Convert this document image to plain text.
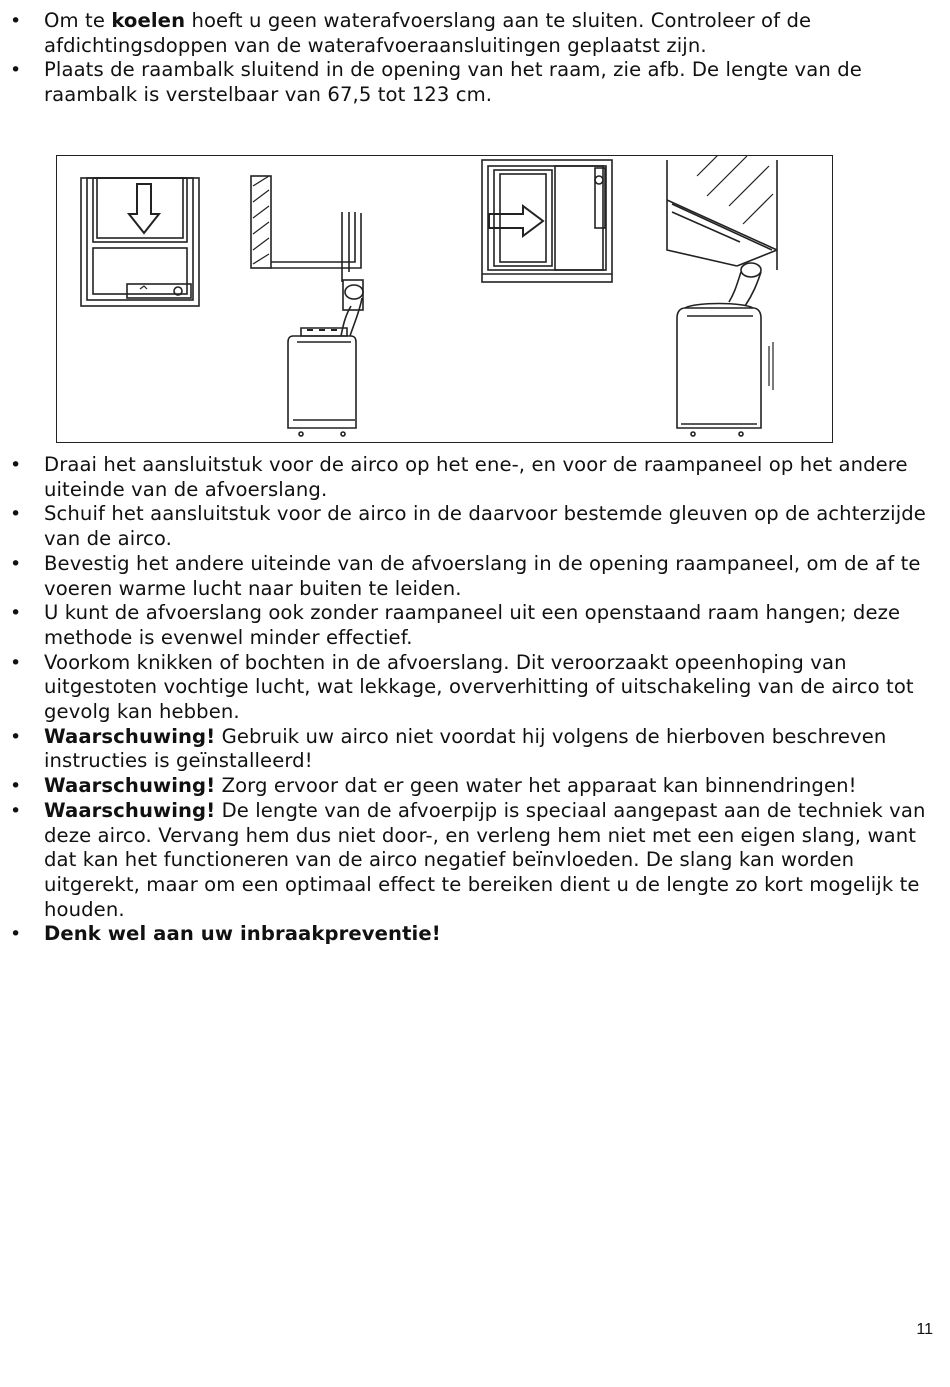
• Om te koelen hoeft u geen waterafvoerslang aan te sluiten. Controleer of de afdichtingsdoppen van de waterafvoeraansluitingen geplaatst zijn.
• Plaats de raambalk sluitend in de opening van het raam, zie afb. De lengte van de raambalk is verstelbaar van 67,5 tot 123 cm.
• Draai het aansluitstuk voor de airco op het ene-, en voor de raampaneel op het andere uiteinde van de afvoerslang.
• Schuif het aansluitstuk voor de airco in de daarvoor bestemde gleuven op de achterzijde van de airco.
• Bevestig het andere uiteinde van de afvoerslang in de opening raampaneel, om de af te voeren warme lucht naar buiten te leiden.
• U kunt de afvoerslang ook zonder raampaneel uit een openstaand raam hangen; deze methode is evenwel minder effectief.
• Voorkom knikken of bochten in de afvoerslang. Dit veroorzaakt opeenhoping van uitgestoten vochtige lucht, wat lekkage, oververhitting of uitschakeling van de airco tot gevolg kan hebben.
• Waarschuwing! Gebruik uw airco niet voordat hij volgens de hierboven beschreven instructies is geïnstalleerd!
• Waarschuwing! Zorg ervoor dat er geen water het apparaat kan binnendringen!
• Waarschuwing! De lengte van de afvoerpijp is speciaal aangepast aan de techniek van deze airco. Vervang hem dus niet door-, en verleng hem niet met een eigen slang, want dat kan het functioneren van de airco negatief beïnvloeden. De slang kan worden uitgerekt, maar om een optimaal effect te bereiken dient u de lengte zo kort mogelijk te houden.
• Denk wel aan uw inbraakpreventie!
11
